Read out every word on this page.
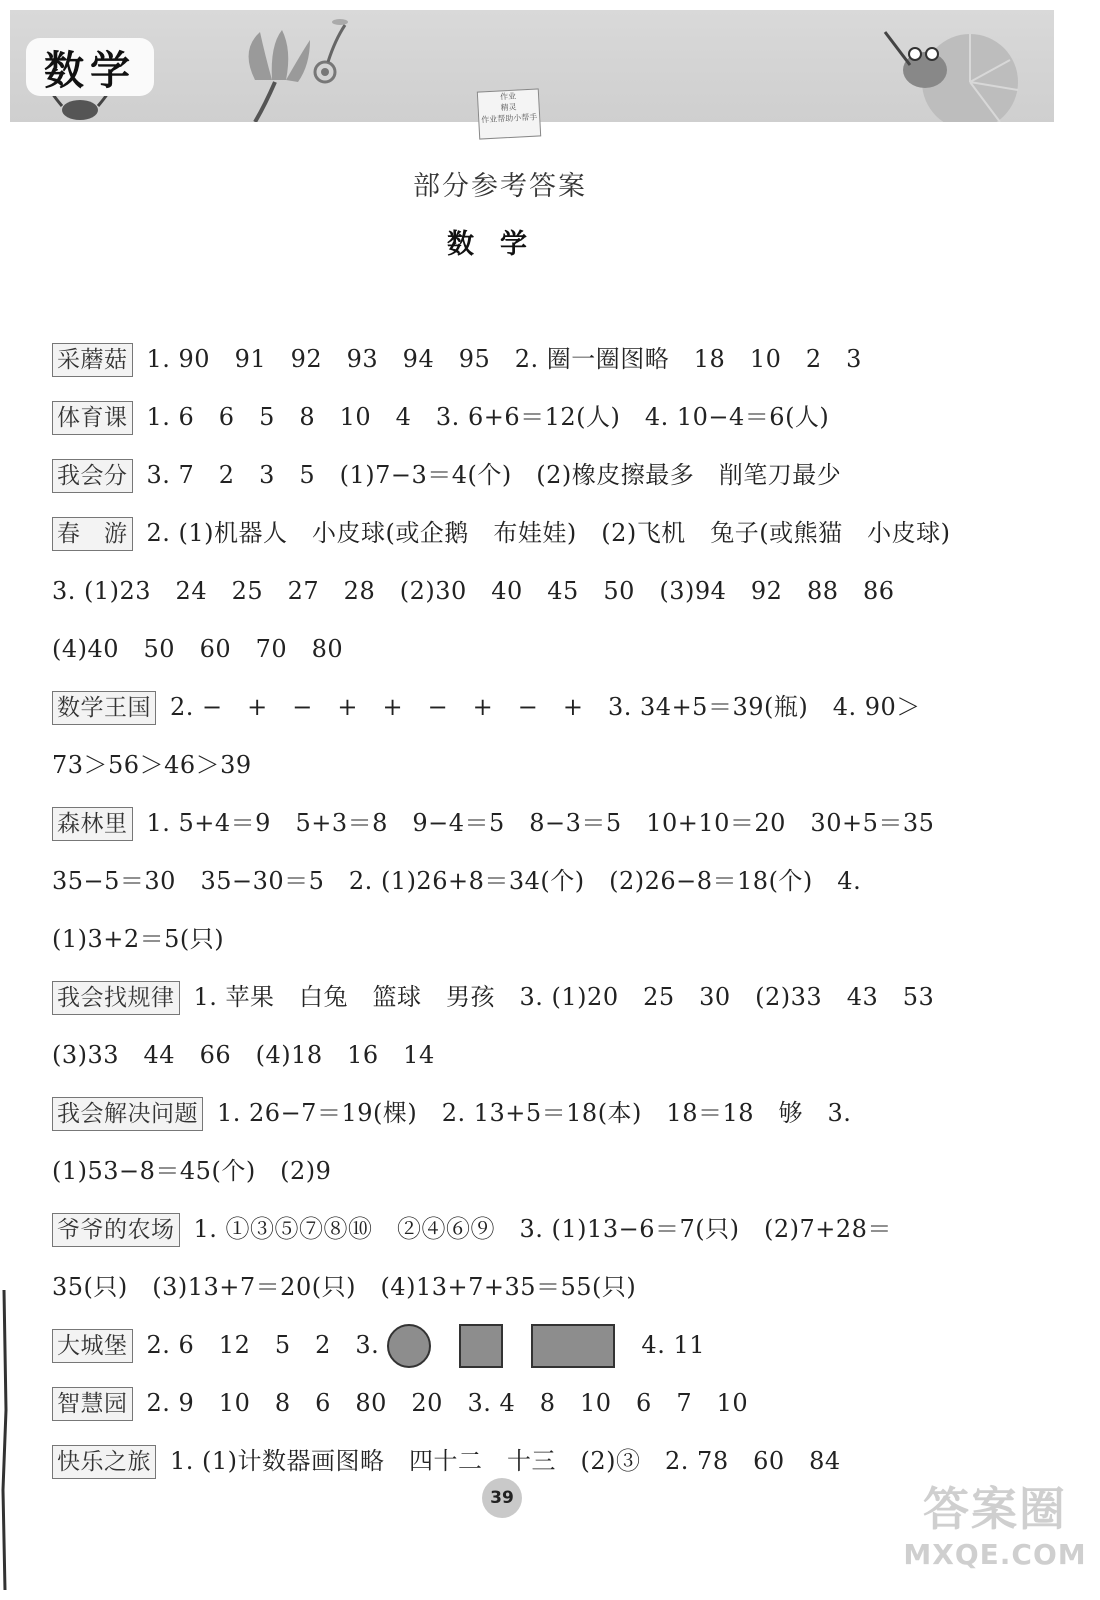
数学
作业
精灵
作业帮助小帮手
部分参考答案
数学
采蘑菇 1. 90　91　92　93　94　95　2. 圈一圈图略　18　10　2　3
体育课 1. 6　6　5　8　10　4　3. 6+6＝12(人)　4. 10−4＝6(人)
我会分 3. 7　2　3　5　(1)7−3＝4(个)　(2)橡皮擦最多　削笔刀最少
春　游 2. (1)机器人　小皮球(或企鹅　布娃娃)　(2)飞机　兔子(或熊猫　小皮球)　3. (1)23　24　25　27　28　(2)30　40　45　50　(3)94　92　88　86　(4)40　50　60　70　80
数学王国 2. −　+　−　+　+　−　+　−　+　3. 34+5＝39(瓶)　4. 90＞73＞56＞46＞39
森林里 1. 5+4＝9　5+3＝8　9−4＝5　8−3＝5　10+10＝20　30+5＝35　35−5＝30　35−30＝5　2. (1)26+8＝34(个)　(2)26−8＝18(个)　4. (1)3+2＝5(只)
我会找规律 1. 苹果　白兔　篮球　男孩　3. (1)20　25　30　(2)33　43　53　(3)33　44　66　(4)18　16　14
我会解决问题 1. 26−7＝19(棵)　2. 13+5＝18(本)　18＝18　够　3.(1)53−8＝45(个)　(2)9
爷爷的农场 1. ①③⑤⑦⑧⑩　②④⑥⑨　3. (1)13−6＝7(只)　(2)7+28＝35(只)　(3)13+7＝20(只)　(4)13+7+35＝55(只)
大城堡 2. 6　12　5　2　3.	4. 11
智慧园 2. 9　10　8　6　80　20　3. 4　8　10　6　7　10
快乐之旅 1. (1)计数器画图略　四十二　十三　(2)③　2. 78　60　84
39	答案圈
MXQE.COM
